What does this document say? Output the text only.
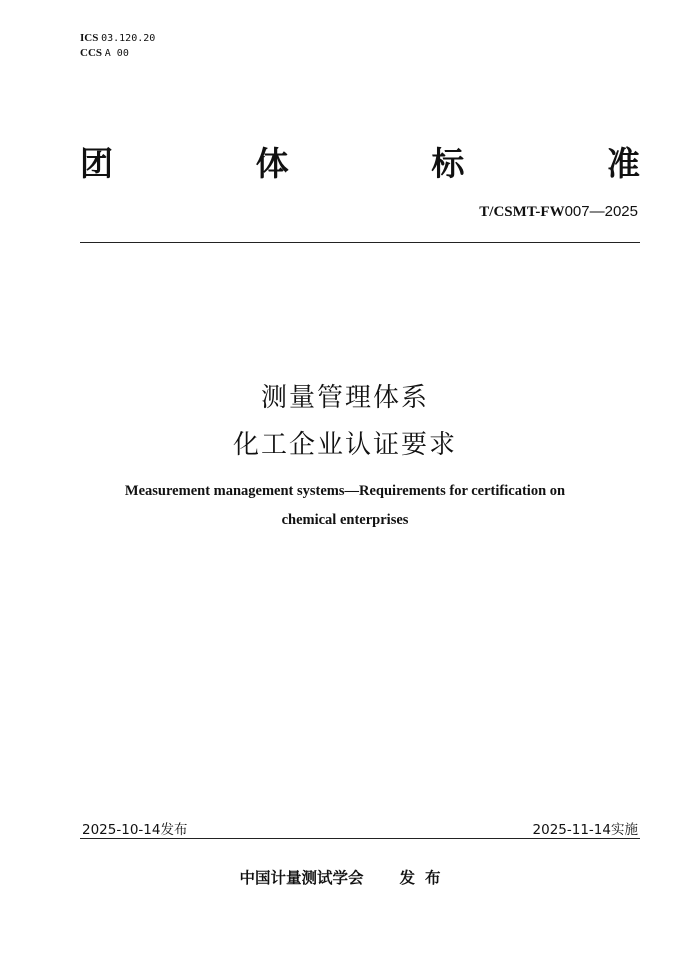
ICS 03.120.20
CCS A 00
团	体	标	准
T/CSMT-FW007—2025
测量管理体系
化工企业认证要求
Measurement management systems—Requirements for certification on
chemical enterprises
2025-10-14发布	2025-11-14实施
中国计量测试学会 发布
